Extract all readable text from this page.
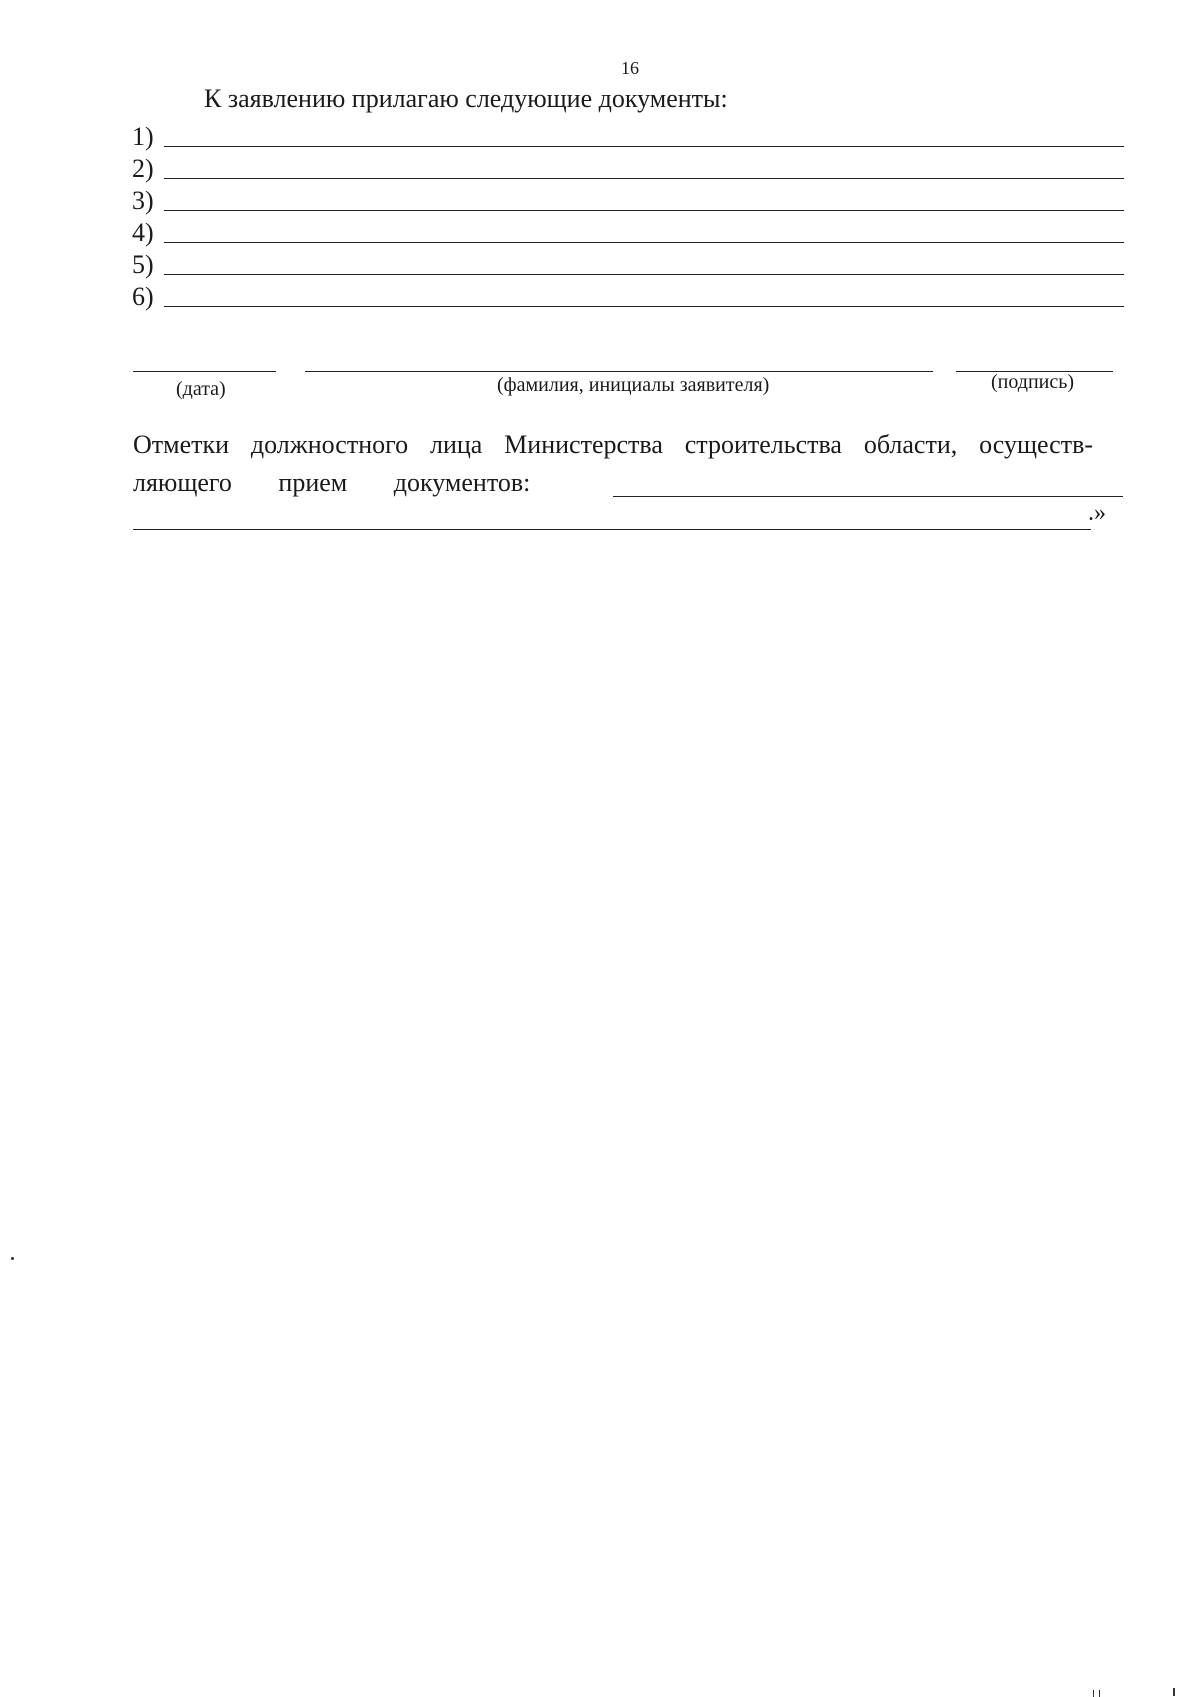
16
К заявлению прилагаю следующие документы:
1)
2)
3)
4)
5)
6)
(дата)	(фамилия, инициалы заявителя)	(подпись)
Отметки должностного лица Министерства строительства области, осуществ-
ляющего прием документов:
.»
